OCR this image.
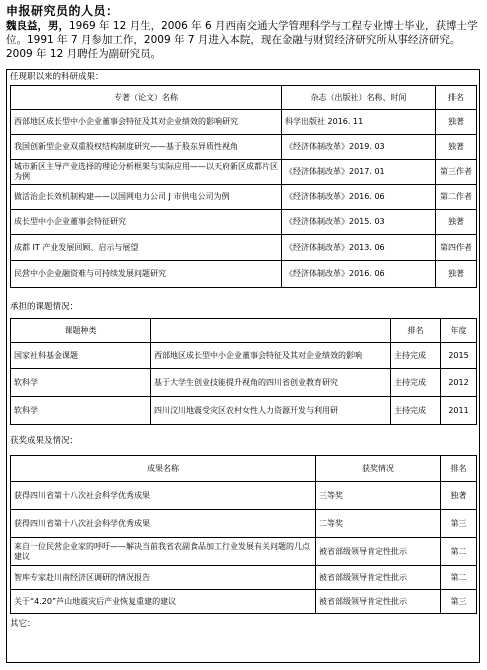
申报研究员的人员：
魏良益，男，1969 年 12 月生，2006 年 6 月西南交通大学管理科学与工程专业博士毕业，获博士学位。1991 年 7 月参加工作，2009 年 7 月进入本院，现在金融与财贸经济研究所从事经济研究。2009 年 12 月聘任为副研究员。
任现职以来的科研成果：
专著（论文）名称	杂志（出版社）名称、时间	排名
西部地区成长型中小企业董事会特征及其对企业绩效的影响研究	科学出版社 2016. 11	独著
我国创新型企业双重股权结构制度研究——基于股东异质性视角	《经济体制改革》2019. 03	独著
城市新区主导产业选择的理论分析框架与实际应用——以天府新区成都片区为例	《经济体制改革》2017. 01	第三作者
做活治企长效机制构建——以国网电力公司 J 市供电公司为例	《经济体制改革》2016. 06	第二作者
成长型中小企业董事会特征研究	《经济体制改革》2015. 03	独著
成都 IT 产业发展回顾、启示与展望	《经济体制改革》2013. 06	第四作者
民营中小企业融资难与可持续发展问题研究	《经济体制改革》2016. 06	独著
承担的课题情况：
课题种类		排名	年度
国家社科基金课题	西部地区成长型中小企业董事会特征及其对企业绩效的影响	主持完成	2015
软科学	基于大学生创业技能提升视角的四川省创业教育研究	主持完成	2012
软科学	四川汶川地震受灾区农村女性人力资源开发与利用研	主持完成	2011
获奖成果及情况：
成果名称	获奖情况	排名
获得四川省第十八次社会科学优秀成果	三等奖	独著
获得四川省第十八次社会科学优秀成果	二等奖	第三
来自一位民营企业家的呼吁——解决当前我省农副食品加工行业发展有关问题的几点建议	被省部级领导肯定性批示	第二
智库专家赴川南经济区调研的情况报告	被省部级领导肯定性批示	第二
关于“4.20”芦山地震灾后产业恢复重建的建议	被省部级领导肯定性批示	第三
其它：
